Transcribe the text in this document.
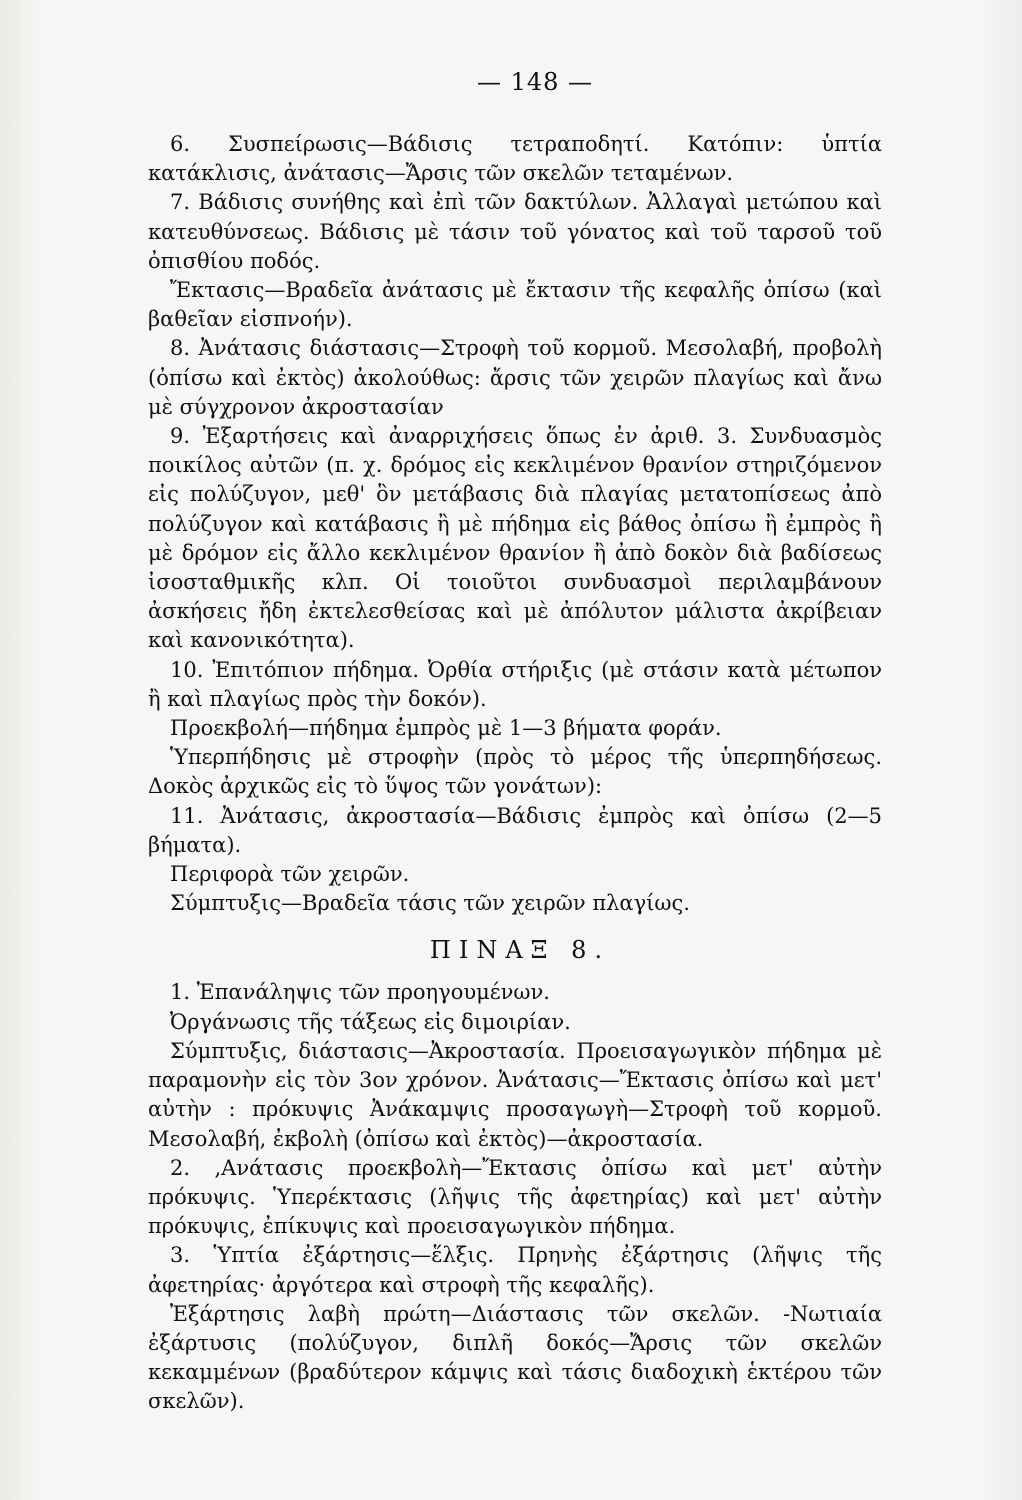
— 148 —

6. Συσπείρωσις—Βάδισις τετραποδητί. Κατόπιν: ὑπτία κατάκλισις, ἀνάτασις—Ἄρσις τῶν σκελῶν τεταμένων.

7. Βάδισις συνήθης καὶ ἐπὶ τῶν δακτύλων. Ἀλλαγαὶ μετώπου καὶ κατευθύνσεως. Βάδισις μὲ τάσιν τοῦ γόνατος καὶ τοῦ ταρσοῦ τοῦ ὀπισθίου ποδός.

Ἔκτασις—Βραδεῖα ἀνάτασις μὲ ἔκτασιν τῆς κεφαλῆς ὀπίσω (καὶ βαθεῖαν εἰσπνοήν).

8. Ἀνάτασις διάστασις—Στροφὴ τοῦ κορμοῦ. Μεσολαβή, προβολὴ (ὀπίσω καὶ ἐκτὸς) ἀκολούθως: ἄρσις τῶν χειρῶν πλαγίως καὶ ἄνω μὲ σύγχρονον ἀκροστασίαν

9. Ἐξαρτήσεις καὶ ἀναρριχήσεις ὅπως ἐν ἀριθ. 3. Συνδυασμὸς ποικίλος αὐτῶν (π. χ. δρόμος εἰς κεκλιμένον θρανίον στηριζόμενον εἰς πολύζυγον, μεθ' ὃν μετάβασις διὰ πλαγίας μετατοπίσεως ἀπὸ πολύζυγον καὶ κατάβασις ἢ μὲ πήδημα εἰς βάθος ὀπίσω ἢ ἐμπρὸς ἢ μὲ δρόμον εἰς ἄλλο κεκλιμένον θρανίον ἢ ἀπὸ δοκὸν διὰ βαδίσεως ἰσοσταθμικῆς κλπ. Οἱ τοιοῦτοι συνδυασμοὶ περιλαμβάνουν ἀσκήσεις ἤδη ἐκτελεσθείσας καὶ μὲ ἀπόλυτον μάλιστα ἀκρίβειαν καὶ κανονικότητα).

10. Ἐπιτόπιον πήδημα. Ὀρθία στήριξις (μὲ στάσιν κατὰ μέτωπον ἢ καὶ πλαγίως πρὸς τὴν δοκόν).

Προεκβολή—πήδημα ἐμπρὸς μὲ 1—3 βήματα φοράν.

Ὑπερπήδησις μὲ στροφὴν (πρὸς τὸ μέρος τῆς ὑπερπηδήσεως. Δοκὸς ἀρχικῶς εἰς τὸ ὕψος τῶν γονάτων):

11. Ἀνάτασις, ἀκροστασία—Βάδισις ἐμπρὸς καὶ ὀπίσω (2—5 βήματα).

Περιφορὰ τῶν χειρῶν.

Σύμπτυξις—Βραδεῖα τάσις τῶν χειρῶν πλαγίως.

ΠΙΝΑΞ 8.

1. Ἐπανάληψις τῶν προηγουμένων.

Ὀργάνωσις τῆς τάξεως εἰς διμοιρίαν.

Σύμπτυξις, διάστασις—Ἀκροστασία. Προεισαγωγικὸν πήδημα μὲ παραμονὴν εἰς τὸν 3ον χρόνον. Ἀνάτασις—Ἔκτασις ὀπίσω καὶ μετ' αὐτὴν : πρόκυψις Ἀνάκαμψις προσαγωγὴ—Στροφὴ τοῦ κορμοῦ. Μεσολαβή, ἐκβολὴ (ὀπίσω καὶ ἐκτὸς)—ἀκροστασία.

2. ,Ανάτασις προεκβολὴ—Ἔκτασις ὀπίσω καὶ μετ' αὐτὴν πρόκυψις. Ὑπερέκτασις (λῆψις τῆς ἀφετηρίας) καὶ μετ' αὐτὴν πρόκυψις, ἐπίκυψις καὶ προεισαγωγικὸν πήδημα.

3. Ὑπτία ἐξάρτησις—ἕλξις. Πρηνὴς ἐξάρτησις (λῆψις τῆς ἀφετηρίας· ἀργότερα καὶ στροφὴ τῆς κεφαλῆς).

Ἐξάρτησις λαβὴ πρώτη—Διάστασις τῶν σκελῶν. -Νωτιαία ἐξάρτυσις (πολύζυγον, διπλῆ δοκός—Ἄρσις τῶν σκελῶν κεκαμμένων (βραδύτερον κάμψις καὶ τάσις διαδοχικὴ ἑκτέρου τῶν σκελῶν).
